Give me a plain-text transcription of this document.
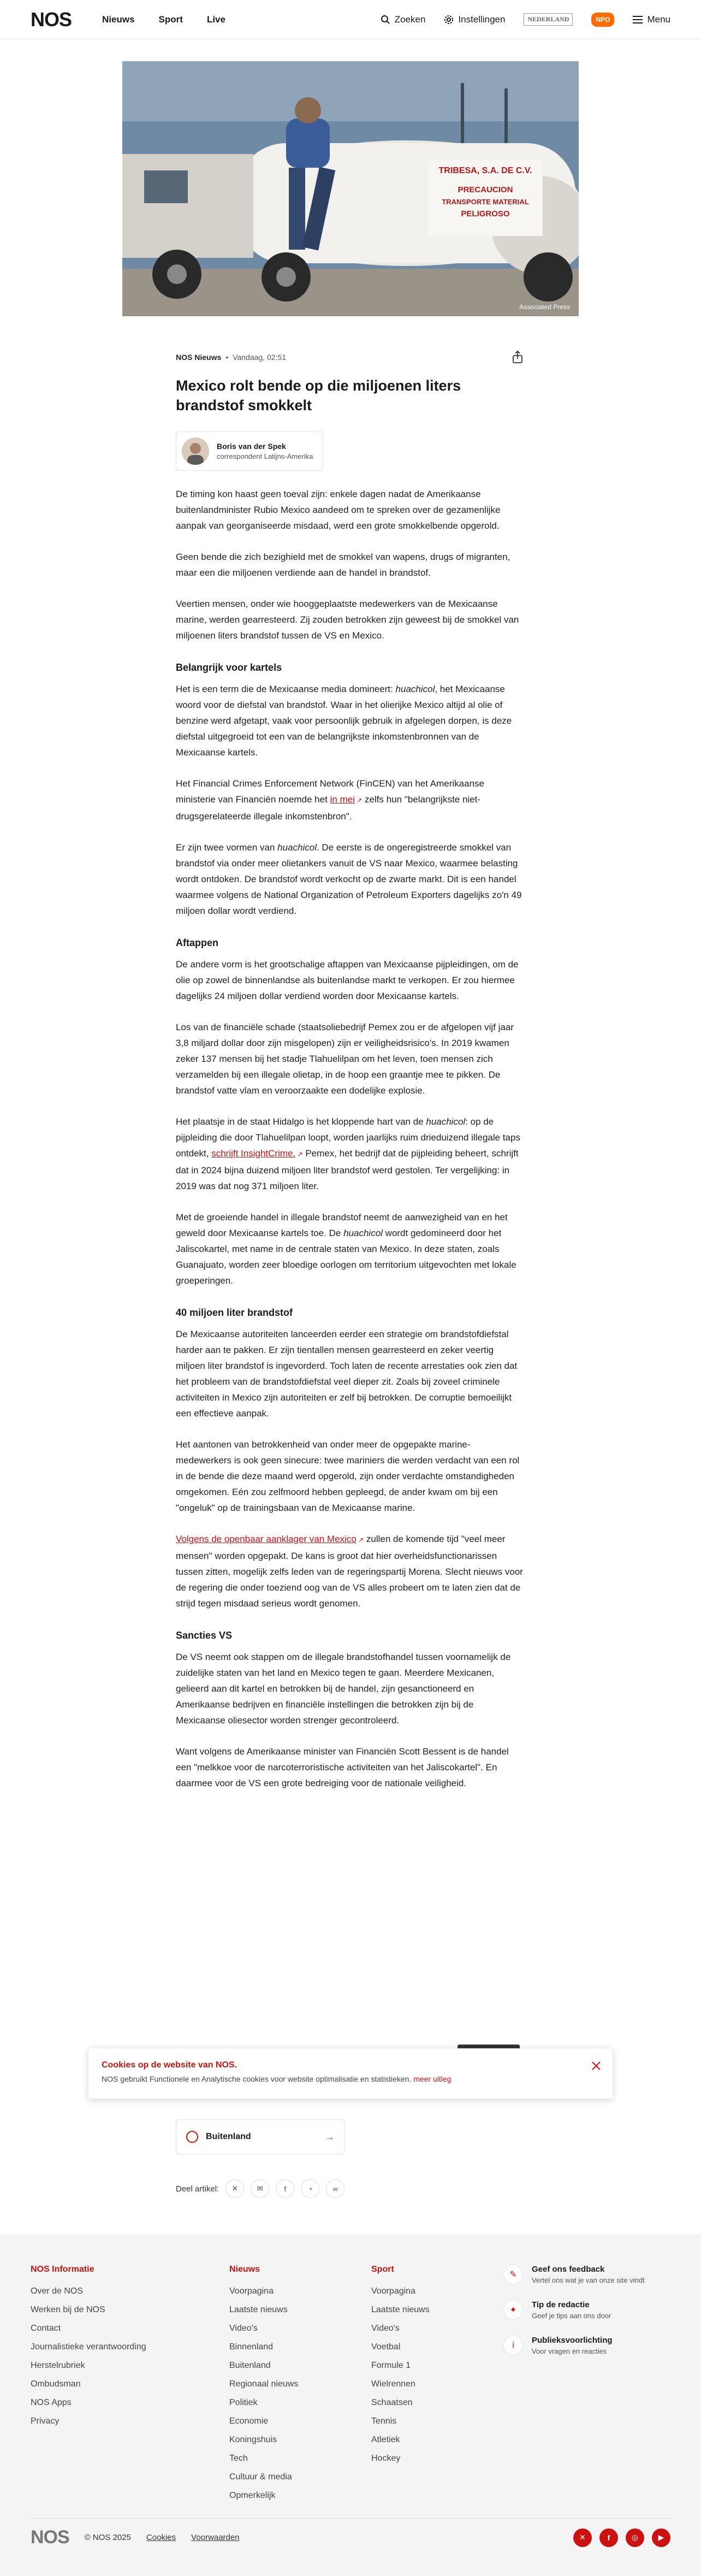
NOS	Nieuws	Sport	Live	Zoeken	Instellingen	NEDERLAND	NPO	Menu
TRIBESA, S.A. DE C.V.
PRECAUCION
TRANSPORTE MATERIAL
PELIGROSO
Associated Press
NOS Nieuws • Vandaag, 02:51
Mexico rolt bende op die miljoenen liters brandstof smokkelt
Boris van der Spek
correspondent Latijns-Amerika

De timing kon haast geen toeval zijn: enkele dagen nadat de Amerikaanse buitenlandminister Rubio Mexico aandeed om te spreken over de gezamenlijke aanpak van georganiseerde misdaad, werd een grote smokkelbende opgerold.

Geen bende die zich bezighield met de smokkel van wapens, drugs of migranten, maar een die miljoenen verdiende aan de handel in brandstof.

Veertien mensen, onder wie hooggeplaatste medewerkers van de Mexicaanse marine, werden gearresteerd. Zij zouden betrokken zijn geweest bij de smokkel van miljoenen liters brandstof tussen de VS en Mexico.

Belangrijk voor kartels

Het is een term die de Mexicaanse media domineert: huachicol, het Mexicaanse woord voor de diefstal van brandstof. Waar in het olierijke Mexico altijd al olie of benzine werd afgetapt, vaak voor persoonlijk gebruik in afgelegen dorpen, is deze diefstal uitgegroeid tot een van de belangrijkste inkomstenbronnen van de Mexicaanse kartels.

Het Financial Crimes Enforcement Network (FinCEN) van het Amerikaanse ministerie van Financiën noemde het in mei ↗ zelfs hun "belangrijkste niet-drugsgerelateerde illegale inkomstenbron".

Er zijn twee vormen van huachicol. De eerste is de ongeregistreerde smokkel van brandstof via onder meer olietankers vanuit de VS naar Mexico, waarmee belasting wordt ontdoken. De brandstof wordt verkocht op de zwarte markt. Dit is een handel waarmee volgens de National Organization of Petroleum Exporters dagelijks zo'n 49 miljoen dollar wordt verdiend.

Aftappen

De andere vorm is het grootschalige aftappen van Mexicaanse pijpleidingen, om de olie op zowel de binnenlandse als buitenlandse markt te verkopen. Er zou hiermee dagelijks 24 miljoen dollar verdiend worden door Mexicaanse kartels.

Los van de financiële schade (staatsoliebedrijf Pemex zou er de afgelopen vijf jaar 3,8 miljard dollar door zijn misgelopen) zijn er veiligheidsrisico's. In 2019 kwamen zeker 137 mensen bij het stadje Tlahuelilpan om het leven, toen mensen zich verzamelden bij een illegale olietap, in de hoop een graantje mee te pikken. De brandstof vatte vlam en veroorzaakte een dodelijke explosie.

Het plaatsje in de staat Hidalgo is het kloppende hart van de huachicol: op de pijpleiding die door Tlahuelilpan loopt, worden jaarlijks ruim drieduizend illegale taps ontdekt, schrijft InsightCrime. ↗ Pemex, het bedrijf dat de pijpleiding beheert, schrijft dat in 2024 bijna duizend miljoen liter brandstof werd gestolen. Ter vergelijking: in 2019 was dat nog 371 miljoen liter.

Met de groeiende handel in illegale brandstof neemt de aanwezigheid van en het geweld door Mexicaanse kartels toe. De huachicol wordt gedomineerd door het Jaliscokartel, met name in de centrale staten van Mexico. In deze staten, zoals Guanajuato, worden zeer bloedige oorlogen om territorium uitgevochten met lokale groeperingen.

40 miljoen liter brandstof

De Mexicaanse autoriteiten lanceerden eerder een strategie om brandstofdiefstal harder aan te pakken. Er zijn tientallen mensen gearresteerd en zeker veertig miljoen liter brandstof is ingevorderd. Toch laten de recente arrestaties ook zien dat het probleem van de brandstofdiefstal veel dieper zit. Zoals bij zoveel criminele activiteiten in Mexico zijn autoriteiten er zelf bij betrokken. De corruptie bemoeilijkt een effectieve aanpak.

Het aantonen van betrokkenheid van onder meer de opgepakte marine-medewerkers is ook geen sinecure: twee mariniers die werden verdacht van een rol in de bende die deze maand werd opgerold, zijn onder verdachte omstandigheden omgekomen. Eén zou zelfmoord hebben gepleegd, de ander kwam om bij een "ongeluk" op de trainingsbaan van de Mexicaanse marine.

Volgens de openbaar aanklager van Mexico ↗ zullen de komende tijd "veel meer mensen" worden opgepakt. De kans is groot dat hier overheidsfunctionarissen tussen zitten, mogelijk zelfs leden van de regeringspartij Morena. Slecht nieuws voor de regering die onder toeziend oog van de VS alles probeert om te laten zien dat de strijd tegen misdaad serieus wordt genomen.

Sancties VS

De VS neemt ook stappen om de illegale brandstofhandel tussen voornamelijk de zuidelijke staten van het land en Mexico tegen te gaan. Meerdere Mexicanen, gelieerd aan dit kartel en betrokken bij de handel, zijn gesanctioneerd en Amerikaanse bedrijven en financiële instellingen die betrokken zijn bij de Mexicaanse oliesector worden strenger gecontroleerd.

Want volgens de Amerikaanse minister van Financiën Scott Bessent is de handel een "melkkoe voor de narcoterroristische activiteiten van het Jaliscokartel". En daarmee voor de VS een grote bedreiging voor de nationale veiligheid.

Cookies op de website van NOS.
NOS gebruikt Functionele en Analytische cookies voor website optimalisatie en statistieken. meer uitleg
Buitenland	→
Deel artikel:	✕	✉	f	◔	∞
NOS Informatie
Over de NOS
Werken bij de NOS
Contact
Journalistieke verantwoording
Herstelrubriek
Ombudsman
NOS Apps
Privacy
Nieuws
Voorpagina
Laatste nieuws
Video's
Binnenland
Buitenland
Regionaal nieuws
Politiek
Economie
Koningshuis
Tech
Cultuur & media
Opmerkelijk
Sport
Voorpagina
Laatste nieuws
Video's
Voetbal
Formule 1
Wielrennen
Schaatsen
Tennis
Atletiek
Hockey
✎
Geef ons feedback
Vertel ons wat je van onze site vindt
✦
Tip de redactie
Geef je tips aan ons door
i
Publieksvoorlichting
Voor vragen en reacties
NOS © NOS 2025 Cookies Voorwaarden	✕	f	◎	▶
